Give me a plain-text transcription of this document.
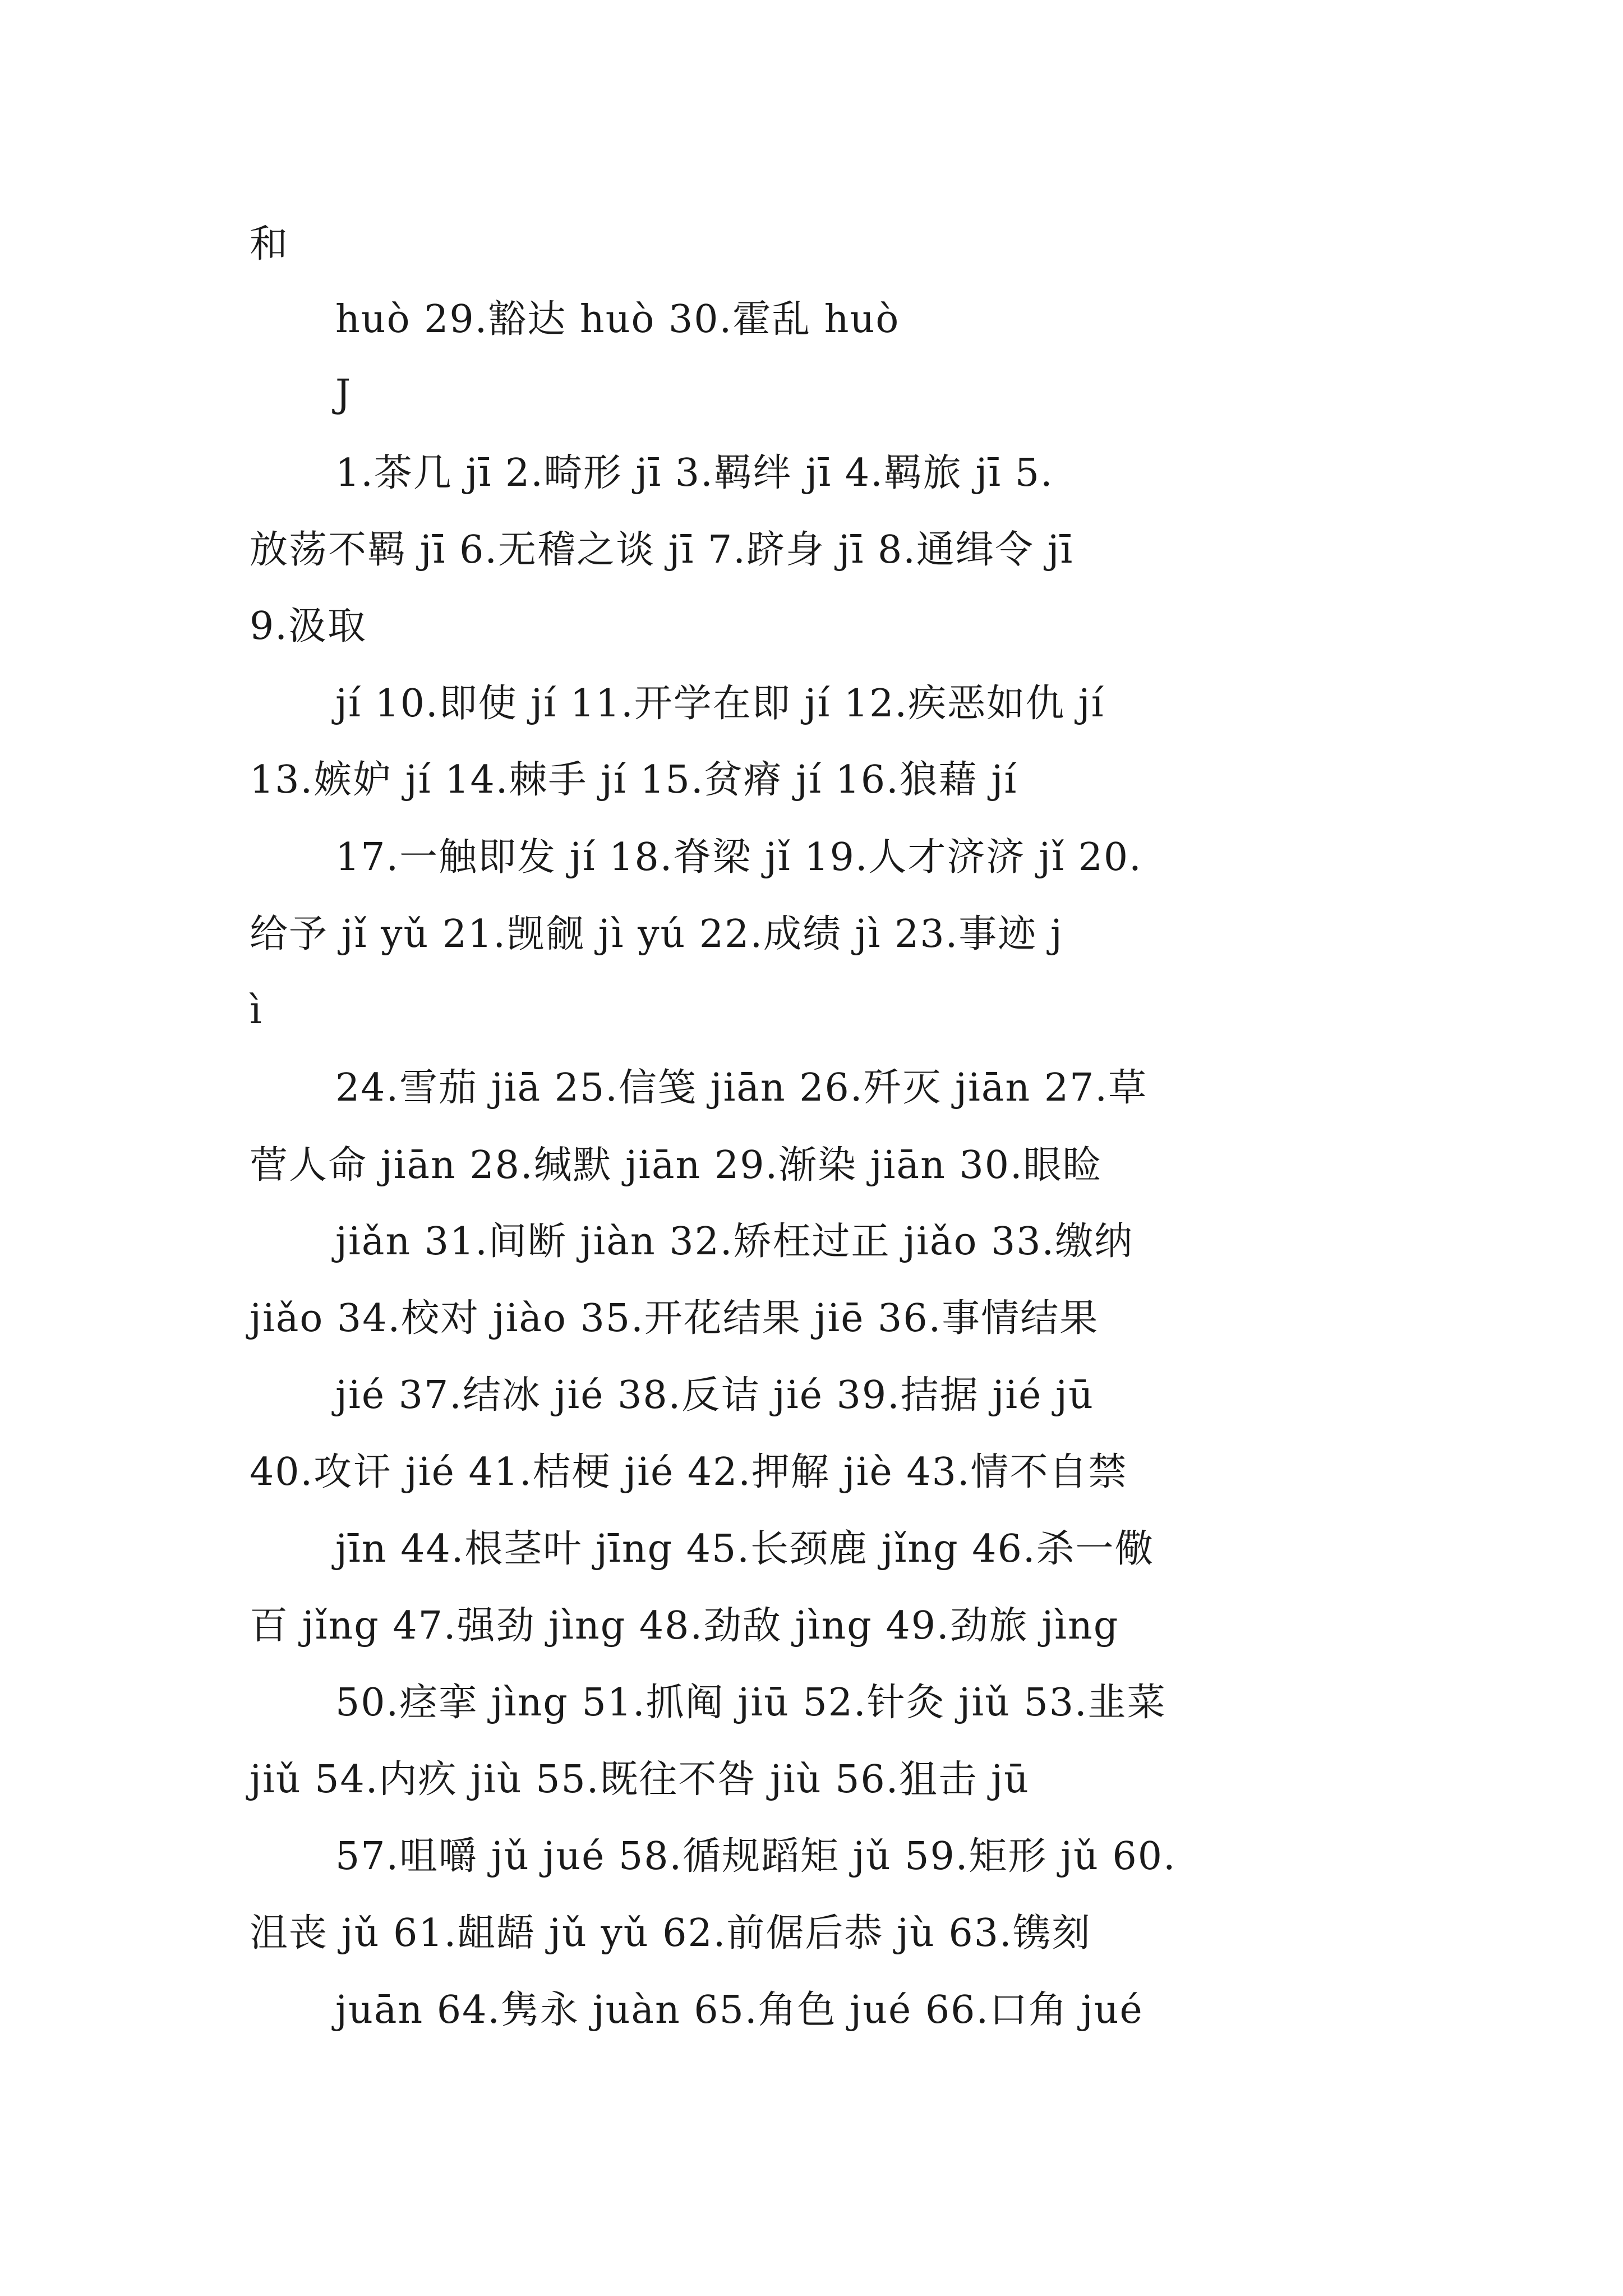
和
huò 29.豁达 huò 30.霍乱 huò
J
1.茶几 jī 2.畸形 jī 3.羁绊 jī 4.羁旅 jī 5.
放荡不羁 jī 6.无稽之谈 jī 7.跻身 jī 8.通缉令 jī
9.汲取
jí 10.即使 jí 11.开学在即 jí 12.疾恶如仇 jí
13.嫉妒 jí 14.棘手 jí 15.贫瘠 jí 16.狼藉 jí
17.一触即发 jí 18.脊梁 jǐ 19.人才济济 jǐ 20.
给予 jǐ yǔ 21.觊觎 jì yú 22.成绩 jì 23.事迹 j
ì
24.雪茄 jiā 25.信笺 jiān 26.歼灭 jiān 27.草
菅人命 jiān 28.缄默 jiān 29.渐染 jiān 30.眼睑
jiǎn 31.间断 jiàn 32.矫枉过正 jiǎo 33.缴纳
jiǎo 34.校对 jiào 35.开花结果 jiē 36.事情结果
jié 37.结冰 jié 38.反诘 jié 39.拮据 jié jū
40.攻讦 jié 41.桔梗 jié 42.押解 jiè 43.情不自禁
jīn 44.根茎叶 jīng 45.长颈鹿 jǐng 46.杀一儆
百 jǐng 47.强劲 jìng 48.劲敌 jìng 49.劲旅 jìng
50.痉挛 jìng 51.抓阄 jiū 52.针灸 jiǔ 53.韭菜
jiǔ 54.内疚 jiù 55.既往不咎 jiù 56.狙击 jū
57.咀嚼 jǔ jué 58.循规蹈矩 jǔ 59.矩形 jǔ 60.
沮丧 jǔ 61.龃龉 jǔ yǔ 62.前倨后恭 jù 63.镌刻
juān 64.隽永 juàn 65.角色 jué 66.口角 jué
